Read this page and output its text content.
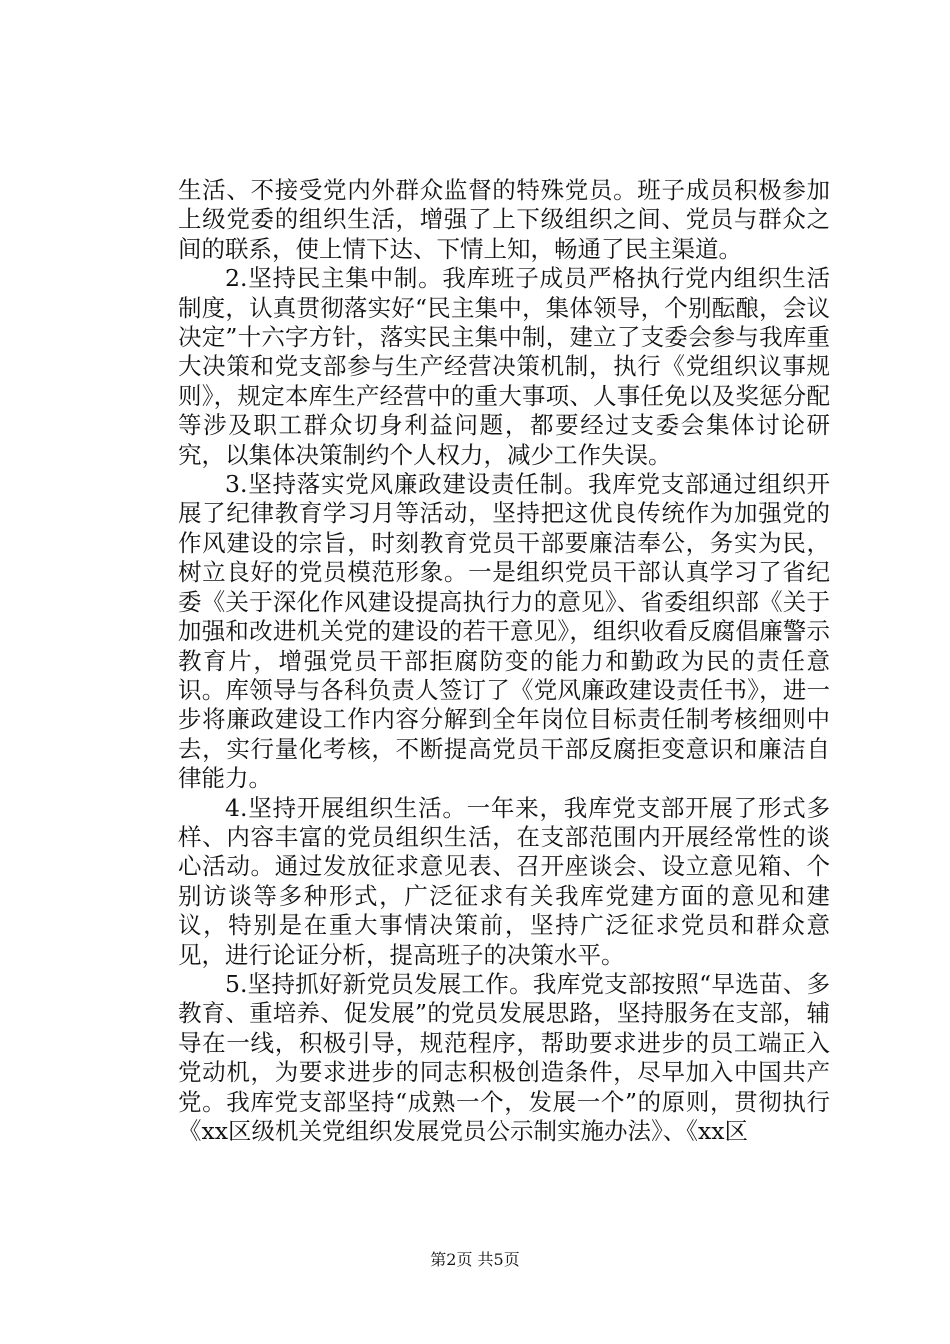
生活、不接受党内外群众监督的特殊党员。班子成员积极参加上级党委的组织生活，增强了上下级组织之间、党员与群众之间的联系，使上情下达、下情上知，畅通了民主渠道。

2.坚持民主集中制。我库班子成员严格执行党内组织生活制度，认真贯彻落实好“民主集中，集体领导，个别酝酿，会议决定”十六字方针，落实民主集中制，建立了支委会参与我库重大决策和党支部参与生产经营决策机制，执行《党组织议事规则》，规定本库生产经营中的重大事项、人事任免以及奖惩分配等涉及职工群众切身利益问题，都要经过支委会集体讨论研究，以集体决策制约个人权力，减少工作失误。

3.坚持落实党风廉政建设责任制。我库党支部通过组织开展了纪律教育学习月等活动，坚持把这优良传统作为加强党的作风建设的宗旨，时刻教育党员干部要廉洁奉公，务实为民，树立良好的党员模范形象。一是组织党员干部认真学习了省纪委《关于深化作风建设提高执行力的意见》、省委组织部《关于加强和改进机关党的建设的若干意见》，组织收看反腐倡廉警示教育片，增强党员干部拒腐防变的能力和勤政为民的责任意识。库领导与各科负责人签订了《党风廉政建设责任书》，进一步将廉政建设工作内容分解到全年岗位目标责任制考核细则中去，实行量化考核，不断提高党员干部反腐拒变意识和廉洁自律能力。

4.坚持开展组织生活。一年来，我库党支部开展了形式多样、内容丰富的党员组织生活，在支部范围内开展经常性的谈心活动。通过发放征求意见表、召开座谈会、设立意见箱、个别访谈等多种形式，广泛征求有关我库党建方面的意见和建议，特别是在重大事情决策前，坚持广泛征求党员和群众意见，进行论证分析，提高班子的决策水平。

5.坚持抓好新党员发展工作。我库党支部按照“早选苗、多教育、重培养、促发展”的党员发展思路，坚持服务在支部，辅导在一线，积极引导，规范程序，帮助要求进步的员工端正入党动机，为要求进步的同志积极创造条件，尽早加入中国共产党。我库党支部坚持“成熟一个，发展一个”的原则，贯彻执行《xx区级机关党组织发展党员公示制实施办法》、《xx区

第2页 共5页
